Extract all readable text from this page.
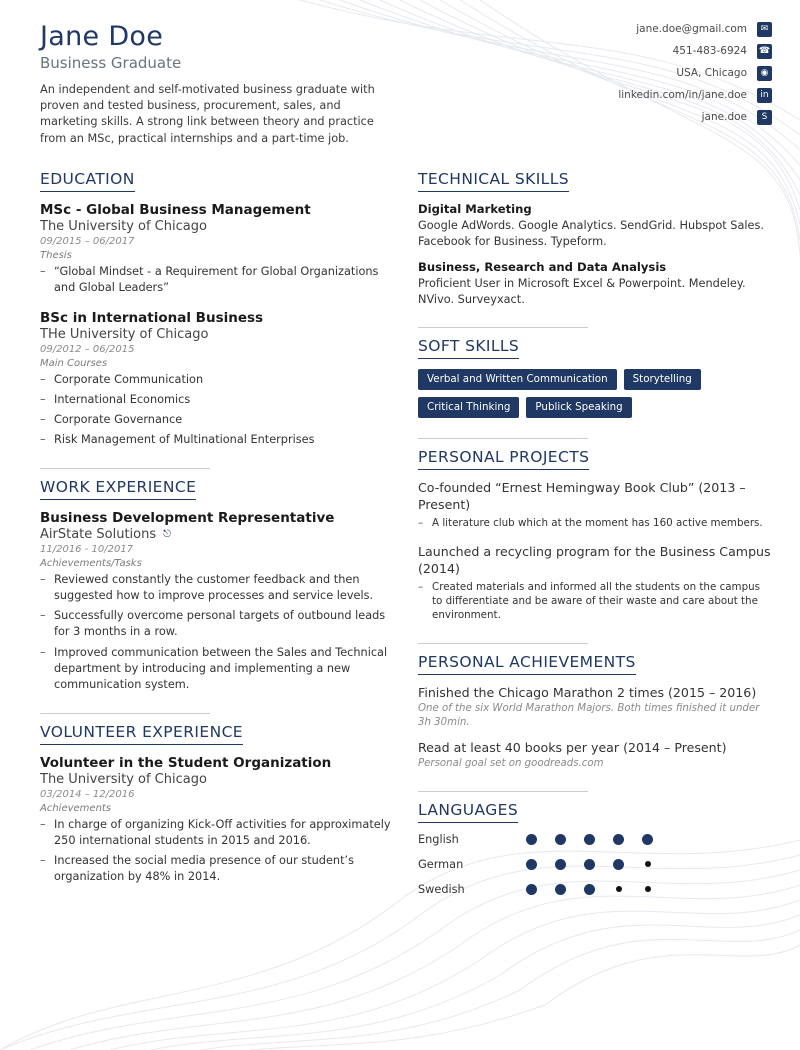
Jane Doe
Business Graduate

An independent and self-motivated business graduate with proven and tested business, procurement, sales, and marketing skills. A strong link between theory and practice from an MSc, practical internships and a part-time job.

jane.doe@gmail.com	✉
451-483-6924 ☎
USA, Chicago	◉
linkedin.com/in/jane.doe	in
jane.doe	S
EDUCATION
MSc - Global Business Management
The University of Chicago
09/2015 – 06/2017
Thesis
– “Global Mindset - a Requirement for Global Organizations and Global Leaders”
BSc in International Business
THe University of Chicago
09/2012 – 06/2015
Main Courses
– Corporate Communication
– International Economics
– Corporate Governance
– Risk Management of Multinational Enterprises
WORK EXPERIENCE
Business Development Representative
AirState Solutions ⎋
11/2016 - 10/2017
Achievements/Tasks
– Reviewed constantly the customer feedback and then suggested how to improve processes and service levels.
– Successfully overcome personal targets of outbound leads for 3 months in a row.
– Improved communication between the Sales and Technical department by introducing and implementing a new communication system.
VOLUNTEER EXPERIENCE
Volunteer in the Student Organization
The University of Chicago
03/2014 – 12/2016
Achievements
– In charge of organizing Kick-Off activities for approximately 250 international students in 2015 and 2016.
– Increased the social media presence of our student’s organization by 48% in 2014.
TECHNICAL SKILLS
Digital Marketing
Google AdWords. Google Analytics. SendGrid. Hubspot Sales. Facebook for Business. Typeform.
Business, Research and Data Analysis
Proficient User in Microsoft Excel & Powerpoint. Mendeley. NVivo. Surveyxact.
SOFT SKILLS
Verbal and Written Communication	Storytelling
Critical Thinking	Publick Speaking
PERSONAL PROJECTS
Co-founded “Ernest Hemingway Book Club” (2013 – Present)
– A literature club which at the moment has 160 active members.
Launched a recycling program for the Business Campus (2014)
– Created materials and informed all the students on the campus to differentiate and be aware of their waste and care about the environment.
PERSONAL ACHIEVEMENTS
Finished the Chicago Marathon 2 times (2015 – 2016)
One of the six World Marathon Majors. Both times finished it under 3h 30min.
Read at least 40 books per year (2014 – Present)
Personal goal set on goodreads.com
LANGUAGES
English
German
Swedish
